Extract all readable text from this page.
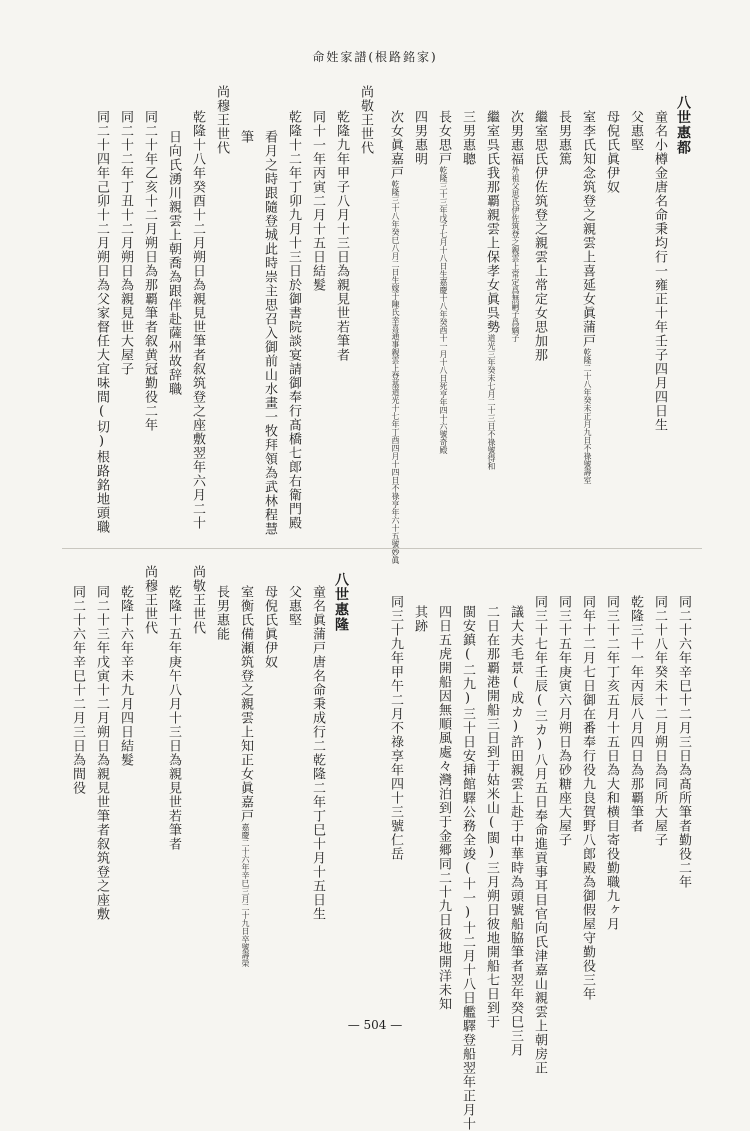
命姓家譜(根路銘家)
八世惠都
童名小樽金唐名命秉均行一雍正十年壬子四月四日生
父惠堅
母倪氏眞伊奴
室李氏知念筑登之親雲上喜延女眞蒲戸乾隆二十八年癸未正月九日不祿號壽室
長男惠篤
繼室思氏伊佐筑登之親雲上常定女思加那
次男惠福外祖父思氏伊佐筑登之親雲上常定爲無嗣子爲嫡子
繼室呉氏我那覇親雲上保孝女眞呉勢道光三年癸未七月二十三日不祿號得和
三男惠聰
長女思戸乾隆三十三年戊子七月十八日生嘉慶十八年癸酉十一月十八日死亨年四十六號奇殿
四男惠明
次女眞嘉戸乾隆三十八年癸巳八月二日生嫁于陳氏幸喜通事親雲上登基道光十七年丁酉四月十四日不祿亨年六十五號妙眞
尚敬王世代
乾隆九年甲子八月十三日為親見世若筆者
同十一年丙寅二月十五日結髮
乾隆十二年丁卯九月十三日於御書院談宴請御奉行髙橋七郎右衛門殿
看月之時跟隨登城此時崇主思召入御前山水畫一牧拜領為武林程慧
筆
尚穆王世代
乾隆十八年癸酉十二月朔日為親見世筆者叙筑登之座敷翌年六月二十
日向氏湧川親雲上朝喬為跟伴赴薩州故辞職
同二十年乙亥十二月朔日為那覇筆者叙黄冠勤役二年
同二十二年丁丑十二月朔日為親見世大屋子
同二十四年己卯十二月朔日為父家督任大宜味間(切)根路銘地頭職
同二十六年辛巳十二月三日為髙所筆者勤役二年
同二十八年癸未十二月朔日為同所大屋子
乾隆三十一年丙辰八月四日為那覇筆者
同三十二年丁亥五月十五日為大和横目寄役勤職九ヶ月
同年十二月七日御在番奉行役九良賀野八郎殿為御假屋守勤役三年
同三十五年庚寅六月朔日為砂糖座大屋子
同三十七年壬辰(三カ)八月五日奉命進貢事耳目官向氏津嘉山親雲上朝房正
議大夫毛景(成カ)許田親雲上赴于中華時為頭號船脇筆者翌年癸巳三月
二日在那覇港開船三日到于姑米山(閩)三月朔日彼地開船七日到于
閩安鎮(二九)三十日安挿館驛公務全竣(十一)十二月十八日艦驛登船翌年正月十
四日五虎開船因無順風處々灣泊到于金郷同二十九日彼地開洋未知
其跡
同三十九年甲午二月不祿享年四十三號仁岳
八世惠隆
童名眞蒲戸唐名命秉成行二乾隆二年丁巳十月十五日生
父惠堅
母倪氏眞伊奴
室衡氏備瀬筑登之親雲上知正女眞嘉戸嘉慶二十六年辛巳三月二十九日卒號壽榮
長男惠能
尚敬王世代
乾隆十五年庚午八月十三日為親見世若筆者
尚穆王世代
乾隆十六年辛未九月四日結髮
同二十三年戊寅十二月朔日為親見世筆者叙筑登之座敷
同二十六年辛巳十二月三日為間役
— 504 —
